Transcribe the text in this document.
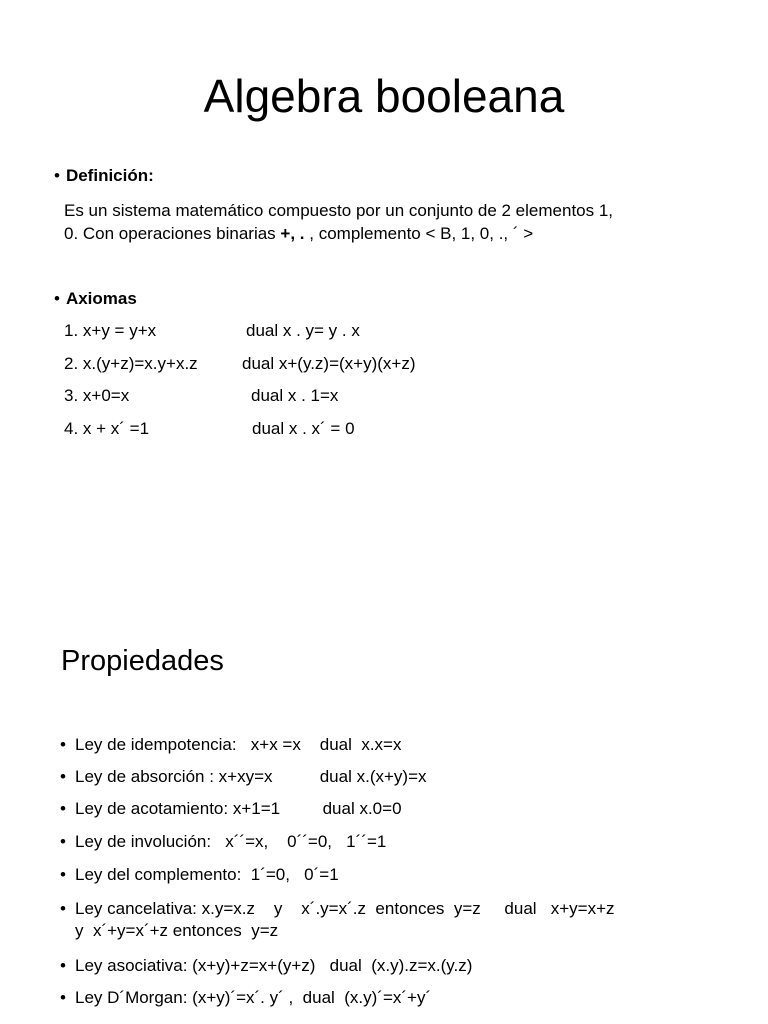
Algebra booleana
• Definición:
Es un sistema matemático compuesto por un conjunto de 2 elementos 1,
0. Con operaciones binarias +, . , complemento < B, 1, 0, ., ´ >
• Axiomas
1. x+y = y+x	dual x . y= y . x
2. x.(y+z)=x.y+x.z	dual x+(y.z)=(x+y)(x+z)
3. x+0=x	dual x . 1=x
4. x + x´ =1	dual x . x´ = 0
Propiedades
• Ley de idempotencia:   x+x =x    dual  x.x=x
• Ley de absorción : x+xy=x          dual x.(x+y)=x
• Ley de acotamiento: x+1=1         dual x.0=0
• Ley de involución:   x´´=x,    0´´=0,   1´´=1
• Ley del complemento:  1´=0,   0´=1
• Ley cancelativa: x.y=x.z    y    x´.y=x´.z  entonces  y=z     dual   x+y=x+z
y  x´+y=x´+z entonces  y=z
• Ley asociativa: (x+y)+z=x+(y+z)   dual  (x.y).z=x.(y.z)
• Ley D´Morgan: (x+y)´=x´. y´ ,  dual  (x.y)´=x´+y´
